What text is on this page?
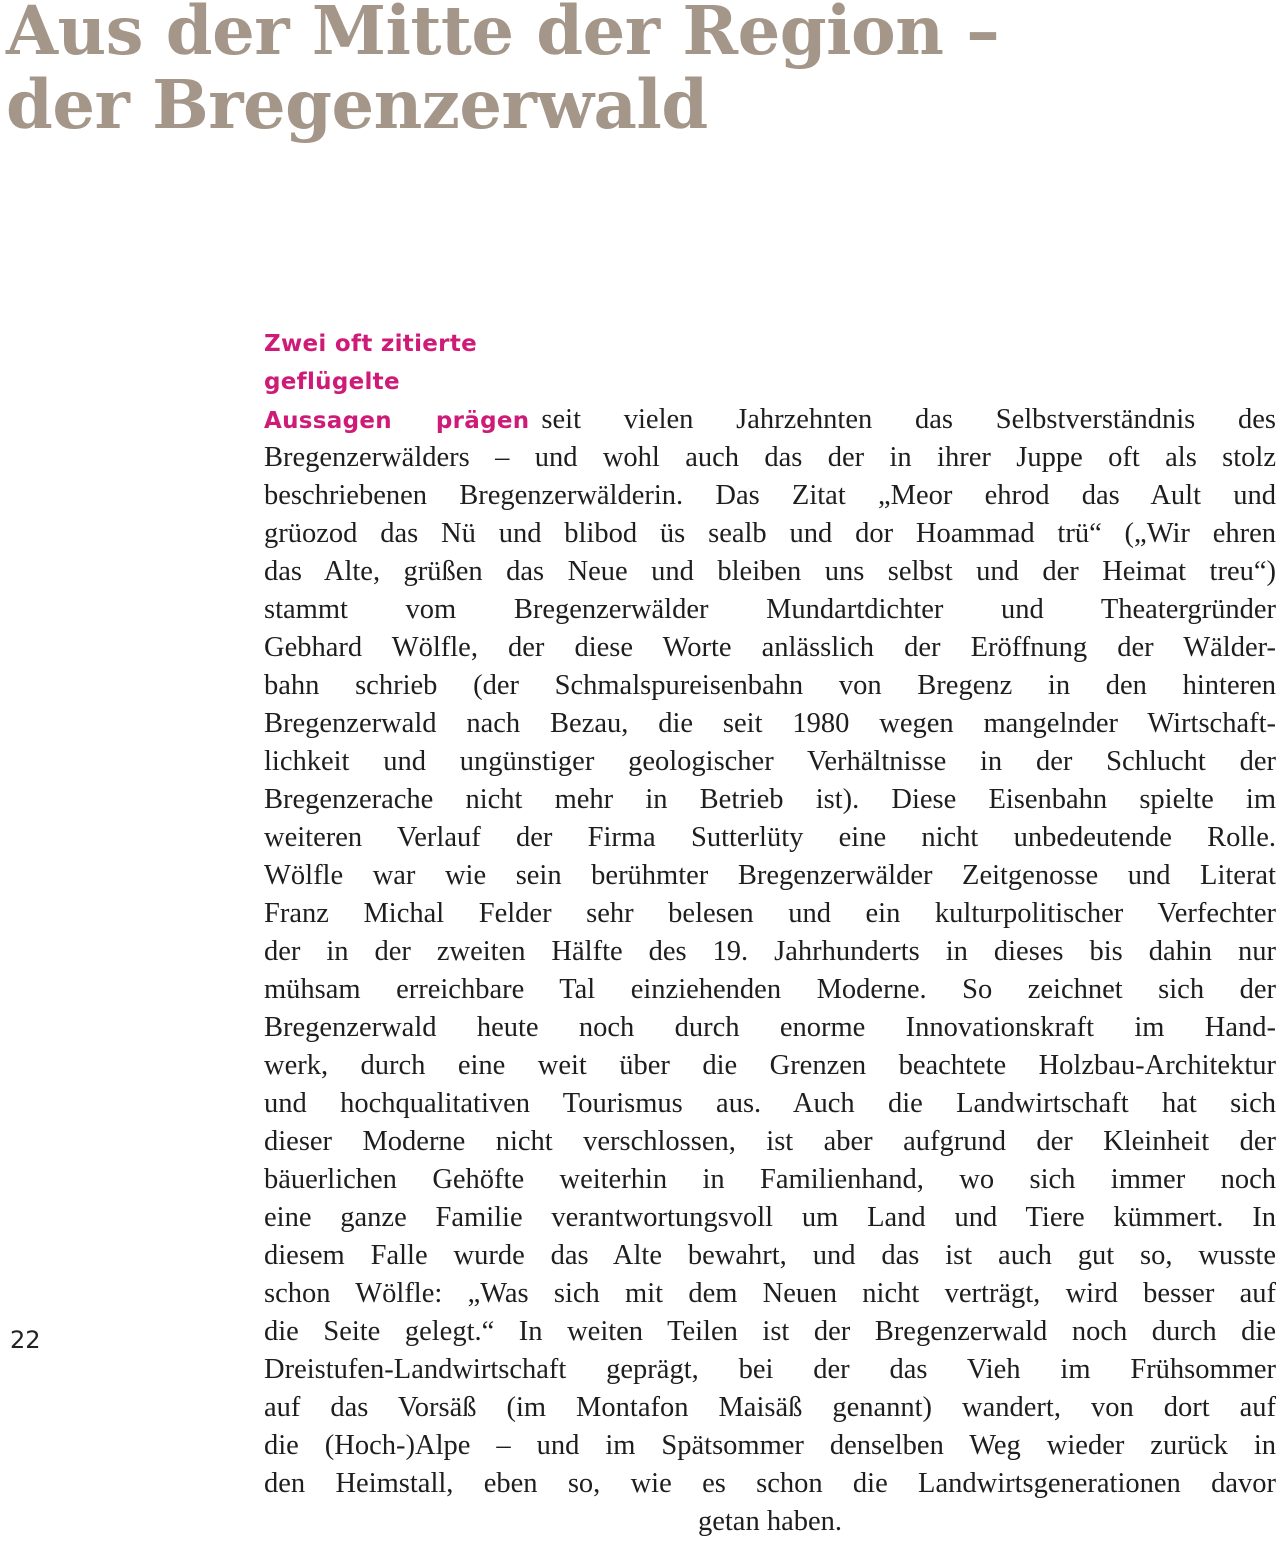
Aus der Mitte der Region –
der Bregenzerwald
Zwei oft zitierte
geflügelte
Aussagen prägen seit vielen Jahrzehnten das Selbstverständnis des
Bregenzerwälders – und wohl auch das der in ihrer Juppe oft als stolz
beschriebenen Bregenzerwälderin. Das Zitat „Meor ehrod das Ault und
grüozod das Nü und blibod üs sealb und dor Hoammad trü“ („Wir ehren
das Alte, grüßen das Neue und bleiben uns selbst und der Heimat treu“)
stammt vom Bregenzerwälder Mundartdichter und Theatergründer
Gebhard Wölfle, der diese Worte anlässlich der Eröffnung der Wälder-
bahn schrieb (der Schmalspureisenbahn von Bregenz in den hinteren
Bregenzerwald nach Bezau, die seit 1980 wegen mangelnder Wirtschaft-
lichkeit und ungünstiger geologischer Verhältnisse in der Schlucht der
Bregenzerache nicht mehr in Betrieb ist). Diese Eisenbahn spielte im
weiteren Verlauf der Firma Sutterlüty eine nicht unbedeutende Rolle.
Wölfle war wie sein berühmter Bregenzerwälder Zeitgenosse und Literat
Franz Michal Felder sehr belesen und ein kulturpolitischer Verfechter
der in der zweiten Hälfte des 19. Jahrhunderts in dieses bis dahin nur
mühsam erreichbare Tal einziehenden Moderne. So zeichnet sich der
Bregenzerwald heute noch durch enorme Innovationskraft im Hand-
werk, durch eine weit über die Grenzen beachtete Holzbau-Architektur
und hochqualitativen Tourismus aus. Auch die Landwirtschaft hat sich
dieser Moderne nicht verschlossen, ist aber aufgrund der Kleinheit der
bäuerlichen Gehöfte weiterhin in Familienhand, wo sich immer noch
eine ganze Familie verantwortungsvoll um Land und Tiere kümmert. In
diesem Falle wurde das Alte bewahrt, und das ist auch gut so, wusste
schon Wölfle: „Was sich mit dem Neuen nicht verträgt, wird besser auf
die Seite gelegt.“ In weiten Teilen ist der Bregenzerwald noch durch die
Dreistufen-Landwirtschaft geprägt, bei der das Vieh im Frühsommer
auf das Vorsäß (im Montafon Maisäß genannt) wandert, von dort auf
die (Hoch-)Alpe – und im Spätsommer denselben Weg wieder zurück in
den Heimstall, eben so, wie es schon die Landwirtsgenerationen davor
getan haben.
22
